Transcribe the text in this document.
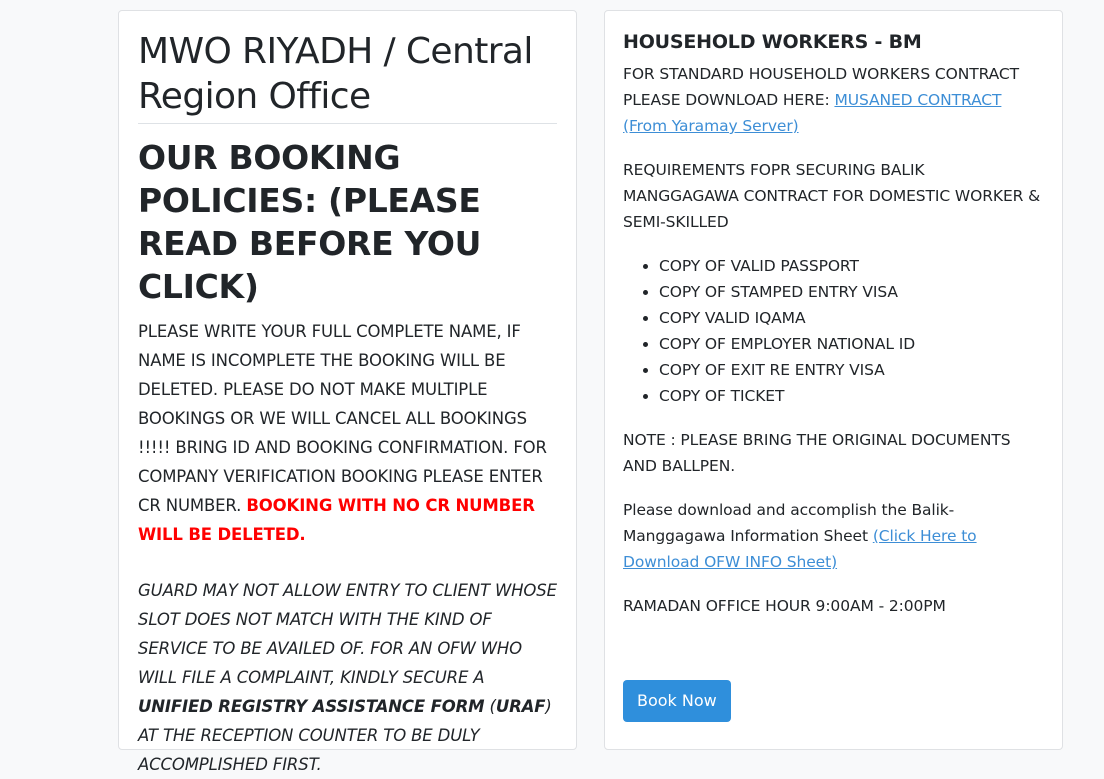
MWO RIYADH / Central Region Office
OUR BOOKING POLICIES: (PLEASE READ BEFORE YOU CLICK)

PLEASE WRITE YOUR FULL COMPLETE NAME, IF NAME IS INCOMPLETE THE BOOKING WILL BE DELETED. PLEASE DO NOT MAKE MULTIPLE BOOKINGS OR WE WILL CANCEL ALL BOOKINGS !!!!! BRING ID AND BOOKING CONFIRMATION. FOR COMPANY VERIFICATION BOOKING PLEASE ENTER CR NUMBER. BOOKING WITH NO CR NUMBER WILL BE DELETED.

GUARD MAY NOT ALLOW ENTRY TO CLIENT WHOSE SLOT DOES NOT MATCH WITH THE KIND OF SERVICE TO BE AVAILED OF. FOR AN OFW WHO WILL FILE A COMPLAINT, KINDLY SECURE A UNIFIED REGISTRY ASSISTANCE FORM (URAF) AT THE RECEPTION COUNTER TO BE DULY ACCOMPLISHED FIRST.

HOUSEHOLD WORKERS - BM

FOR STANDARD HOUSEHOLD WORKERS CONTRACT PLEASE DOWNLOAD HERE: MUSANED CONTRACT (From Yaramay Server)

REQUIREMENTS FOPR SECURING BALIK MANGGAGAWA CONTRACT FOR DOMESTIC WORKER & SEMI-SKILLED

• COPY OF VALID PASSPORT
• COPY OF STAMPED ENTRY VISA
• COPY VALID IQAMA
• COPY OF EMPLOYER NATIONAL ID
• COPY OF EXIT RE ENTRY VISA
• COPY OF TICKET

NOTE : PLEASE BRING THE ORIGINAL DOCUMENTS AND BALLPEN.

Please download and accomplish the Balik-Manggagawa Information Sheet (Click Here to Download OFW INFO Sheet)

RAMADAN OFFICE HOUR 9:00AM - 2:00PM

Book Now
